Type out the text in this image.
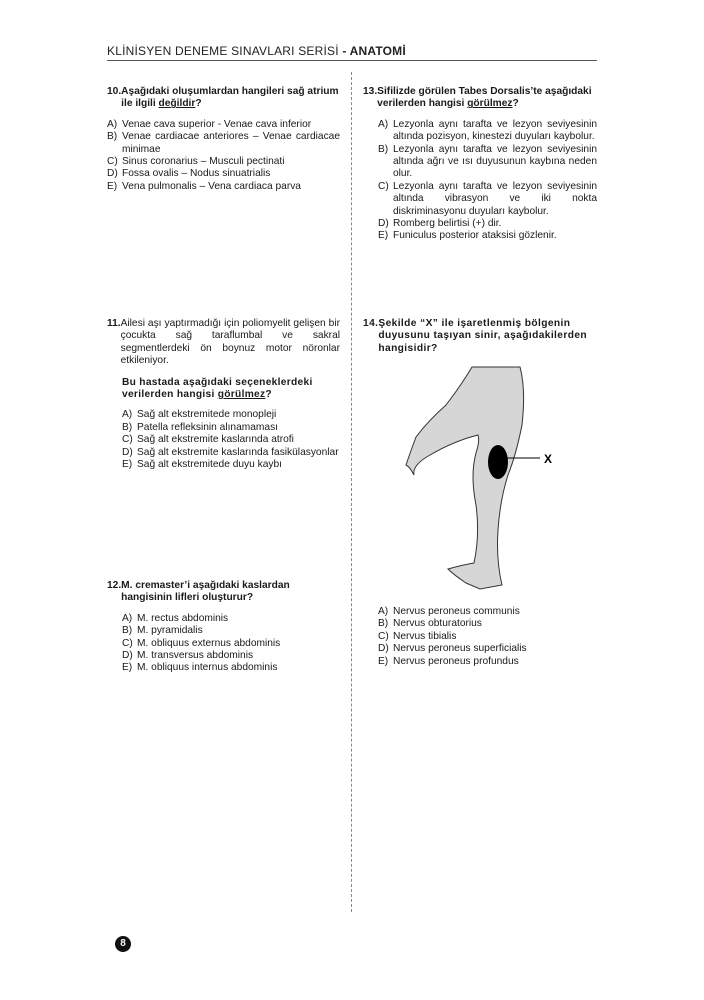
KLİNİSYEN DENEME SINAVLARI SERİSİ - ANATOMİ
10. Aşağıdaki oluşumlardan hangileri sağ atrium ile ilgili değildir?
A) Venae cava superior - Venae cava inferior
B) Venae cardiacae anteriores – Venae cardiacae minimae
C) Sinus coronarius – Musculi pectinati
D) Fossa ovalis – Nodus sinuatrialis
E) Vena pulmonalis – Vena cardiaca parva
11. Ailesi aşı yaptırmadığı için poliomyelit gelişen bir çocukta sağ taraflumbal ve sakral segmentlerdeki ön boynuz motor nöronlar etkileniyor.
Bu hastada aşağıdaki seçeneklerdeki verilerden hangisi görülmez?
A) Sağ alt ekstremitede monopleji
B) Patella refleksinin alınamaması
C) Sağ alt ekstremite kaslarında atrofi
D) Sağ alt ekstremite kaslarında fasikülasyonlar
E) Sağ alt ekstremitede duyu kaybı
12. M. cremaster’i aşağıdaki kaslardan hangisinin lifleri oluşturur?
A) M. rectus abdominis
B) M. pyramidalis
C) M. obliquus externus abdominis
D) M. transversus abdominis
E) M. obliquus internus abdominis
13. Sifilizde görülen Tabes Dorsalis’te aşağıdaki verilerden hangisi görülmez?
A) Lezyonla aynı tarafta ve lezyon seviyesinin altında pozisyon, kinestezi duyuları kaybolur.
B) Lezyonla aynı tarafta ve lezyon seviyesinin altında ağrı ve ısı duyusunun kaybına neden olur.
C) Lezyonla aynı tarafta ve lezyon seviyesinin altında vibrasyon ve iki nokta diskriminasyonu duyuları kaybolur.
D) Romberg belirtisi (+) dir.
E) Funiculus posterior ataksisi gözlenir.
14. Şekilde “X” ile işaretlenmiş bölgenin duyusunu taşıyan sinir, aşağıdakilerden hangisidir?
X
A) Nervus peroneus communis
B) Nervus obturatorius
C) Nervus tibialis
D) Nervus peroneus superficialis
E) Nervus peroneus profundus
8
